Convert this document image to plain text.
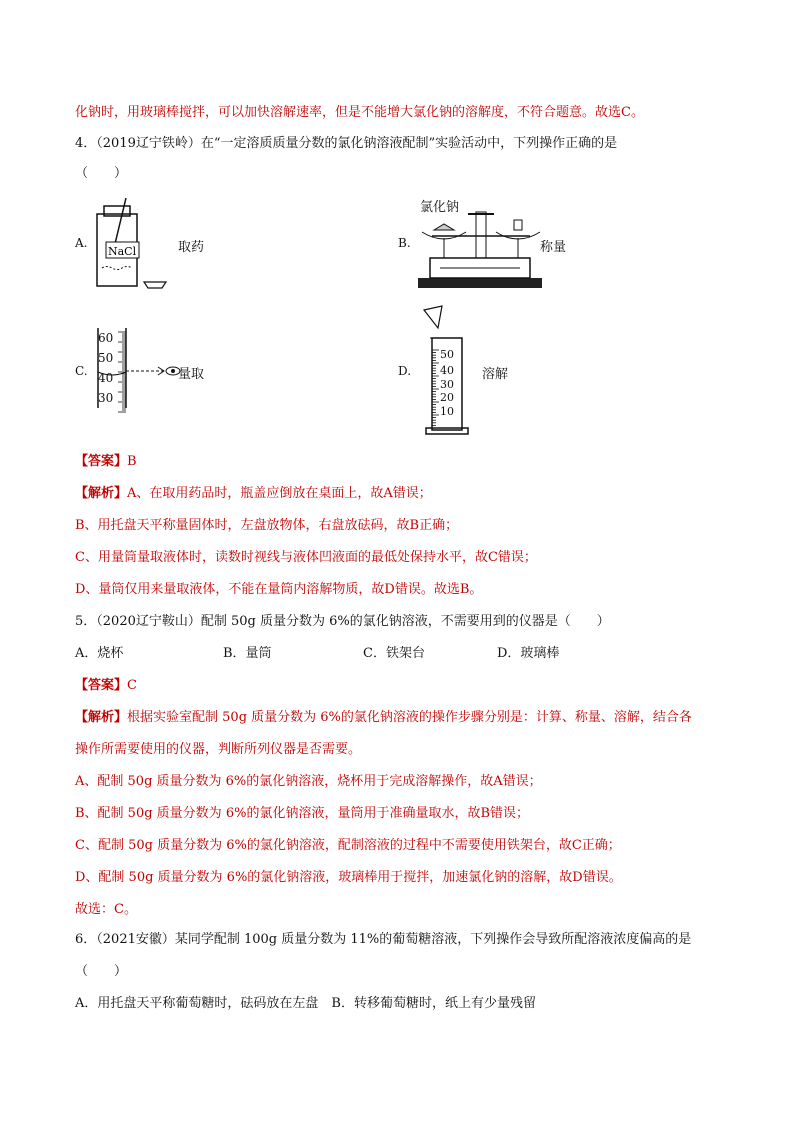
化钠时，用玻璃棒搅拌，可以加快溶解速率，但是不能增大氯化钠的溶解度，不符合题意。故选C。
4．（2019辽宁铁岭）在“一定溶质质量分数的氯化钠溶液配制”实验活动中，下列操作正确的是
（　　）
A.
NaCl	取药	B.
氯化钠
称量
C.
60
50
40
30
量取	D.
50
40
30
20
10
溶解
【答案】B
【解析】A、在取用药品时，瓶盖应倒放在桌面上，故A错误；
B、用托盘天平称量固体时，左盘放物体，右盘放砝码，故B正确；
C、用量筒量取液体时，读数时视线与液体凹液面的最低处保持水平，故C错误；
D、量筒仅用来量取液体，不能在量筒内溶解物质，故D错误。故选B。
5．（2020辽宁鞍山）配制 50g 质量分数为 6%的氯化钠溶液，不需要用到的仪器是（　　）
A．烧杯	B．量筒	C．铁架台	D．玻璃棒
【答案】C
【解析】根据实验室配制 50g 质量分数为 6%的氯化钠溶液的操作步骤分别是：计算、称量、溶解，结合各
操作所需要使用的仪器，判断所列仪器是否需要。
A、配制 50g 质量分数为 6%的氯化钠溶液，烧杯用于完成溶解操作，故A错误；
B、配制 50g 质量分数为 6%的氯化钠溶液，量筒用于准确量取水，故B错误；
C、配制 50g 质量分数为 6%的氯化钠溶液，配制溶液的过程中不需要使用铁架台，故C正确；
D、配制 50g 质量分数为 6%的氯化钠溶液，玻璃棒用于搅拌，加速氯化钠的溶解，故D错误。
故选：C。
6．（2021安徽）某同学配制 100g 质量分数为 11%的葡萄糖溶液，下列操作会导致所配溶液浓度偏高的是
（　　）
A．用托盘天平称葡萄糖时，砝码放在左盘　B．转移葡萄糖时，纸上有少量残留
